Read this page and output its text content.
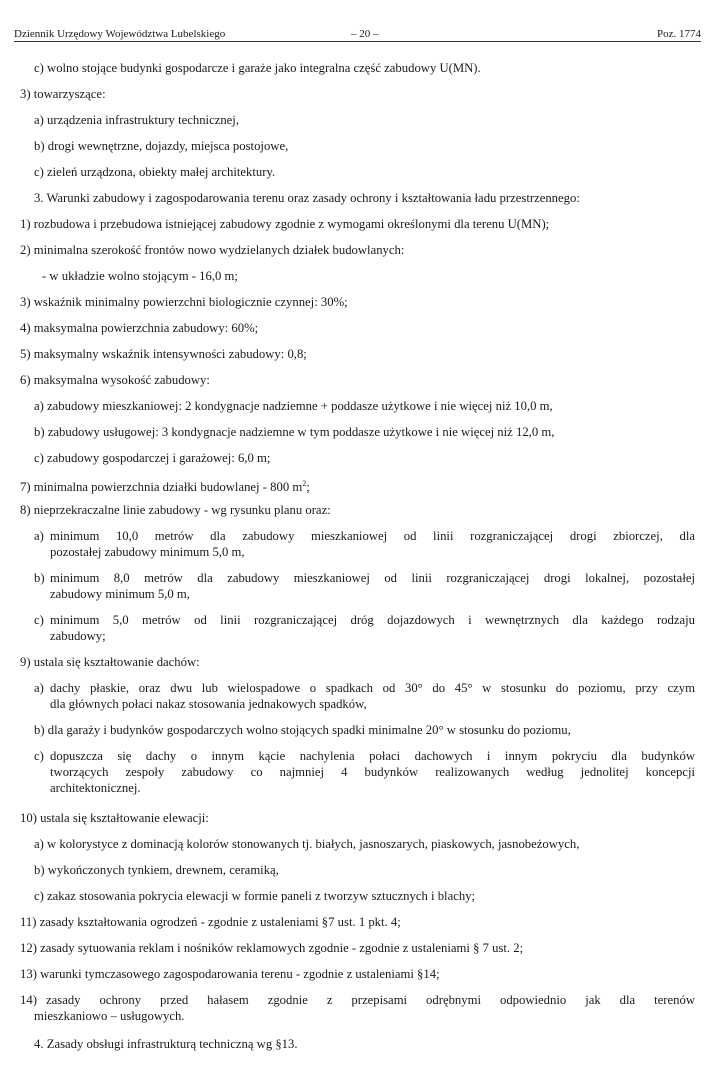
Dziennik Urzędowy Województwa Lubelskiego	– 20 –	Poz. 1774
c) wolno stojące budynki gospodarcze i garaże jako integralna część zabudowy U(MN).
3) towarzyszące:
a) urządzenia infrastruktury technicznej,
b) drogi wewnętrzne, dojazdy, miejsca postojowe,
c) zieleń urządzona, obiekty małej architektury.
3. Warunki zabudowy i zagospodarowania terenu oraz zasady ochrony i kształtowania ładu przestrzennego:
1) rozbudowa i przebudowa istniejącej zabudowy zgodnie z wymogami określonymi dla terenu U(MN);
2) minimalna szerokość frontów nowo wydzielanych działek budowlanych:
- w układzie wolno stojącym - 16,0 m;
3) wskaźnik minimalny powierzchni biologicznie czynnej: 30%;
4) maksymalna powierzchnia zabudowy: 60%;
5) maksymalny wskaźnik intensywności zabudowy: 0,8;
6) maksymalna wysokość zabudowy:
a) zabudowy mieszkaniowej: 2 kondygnacje nadziemne + poddasze użytkowe i nie więcej niż 10,0 m,
b) zabudowy usługowej: 3 kondygnacje nadziemne w tym poddasze użytkowe i nie więcej niż 12,0 m,
c) zabudowy gospodarczej i garażowej: 6,0 m;
7) minimalna powierzchnia działki budowlanej - 800 $m^2$;
8) nieprzekraczalne linie zabudowy - wg rysunku planu oraz:
a) minimum 10,0 metrów dla zabudowy mieszkaniowej od linii rozgraniczającej drogi zbiorczej, dla
pozostałej zabudowy minimum 5,0 m,
b) minimum 8,0 metrów dla zabudowy mieszkaniowej od linii rozgraniczającej drogi lokalnej, pozostałej
zabudowy minimum 5,0 m,
c) minimum 5,0 metrów od linii rozgraniczającej dróg dojazdowych i wewnętrznych dla każdego rodzaju
zabudowy;
9) ustala się kształtowanie dachów:
a) dachy płaskie, oraz dwu lub wielospadowe o spadkach od 30° do 45° w stosunku do poziomu, przy czym
dla głównych połaci nakaz stosowania jednakowych spadków,
b) dla garaży i budynków gospodarczych wolno stojących spadki minimalne 20° w stosunku do poziomu,
c) dopuszcza się dachy o innym kącie nachylenia połaci dachowych i innym pokryciu dla budynków
tworzących zespoły zabudowy co najmniej 4 budynków realizowanych według jednolitej koncepcji
architektonicznej.
10) ustala się kształtowanie elewacji:
a) w kolorystyce z dominacją kolorów stonowanych tj. białych, jasnoszarych, piaskowych, jasnobeżowych,
b) wykończonych tynkiem, drewnem, ceramiką,
c) zakaz stosowania pokrycia elewacji w formie paneli z tworzyw sztucznych i blachy;
11) zasady kształtowania ogrodzeń - zgodnie z ustaleniami §7 ust. 1 pkt. 4;
12) zasady sytuowania reklam i nośników reklamowych zgodnie - zgodnie z ustaleniami § 7 ust. 2;
13) warunki tymczasowego zagospodarowania terenu - zgodnie z ustaleniami §14;
14) zasady ochrony przed hałasem zgodnie z przepisami odrębnymi odpowiednio jak dla terenów
mieszkaniowo – usługowych.
4. Zasady obsługi infrastrukturą techniczną wg §13.
